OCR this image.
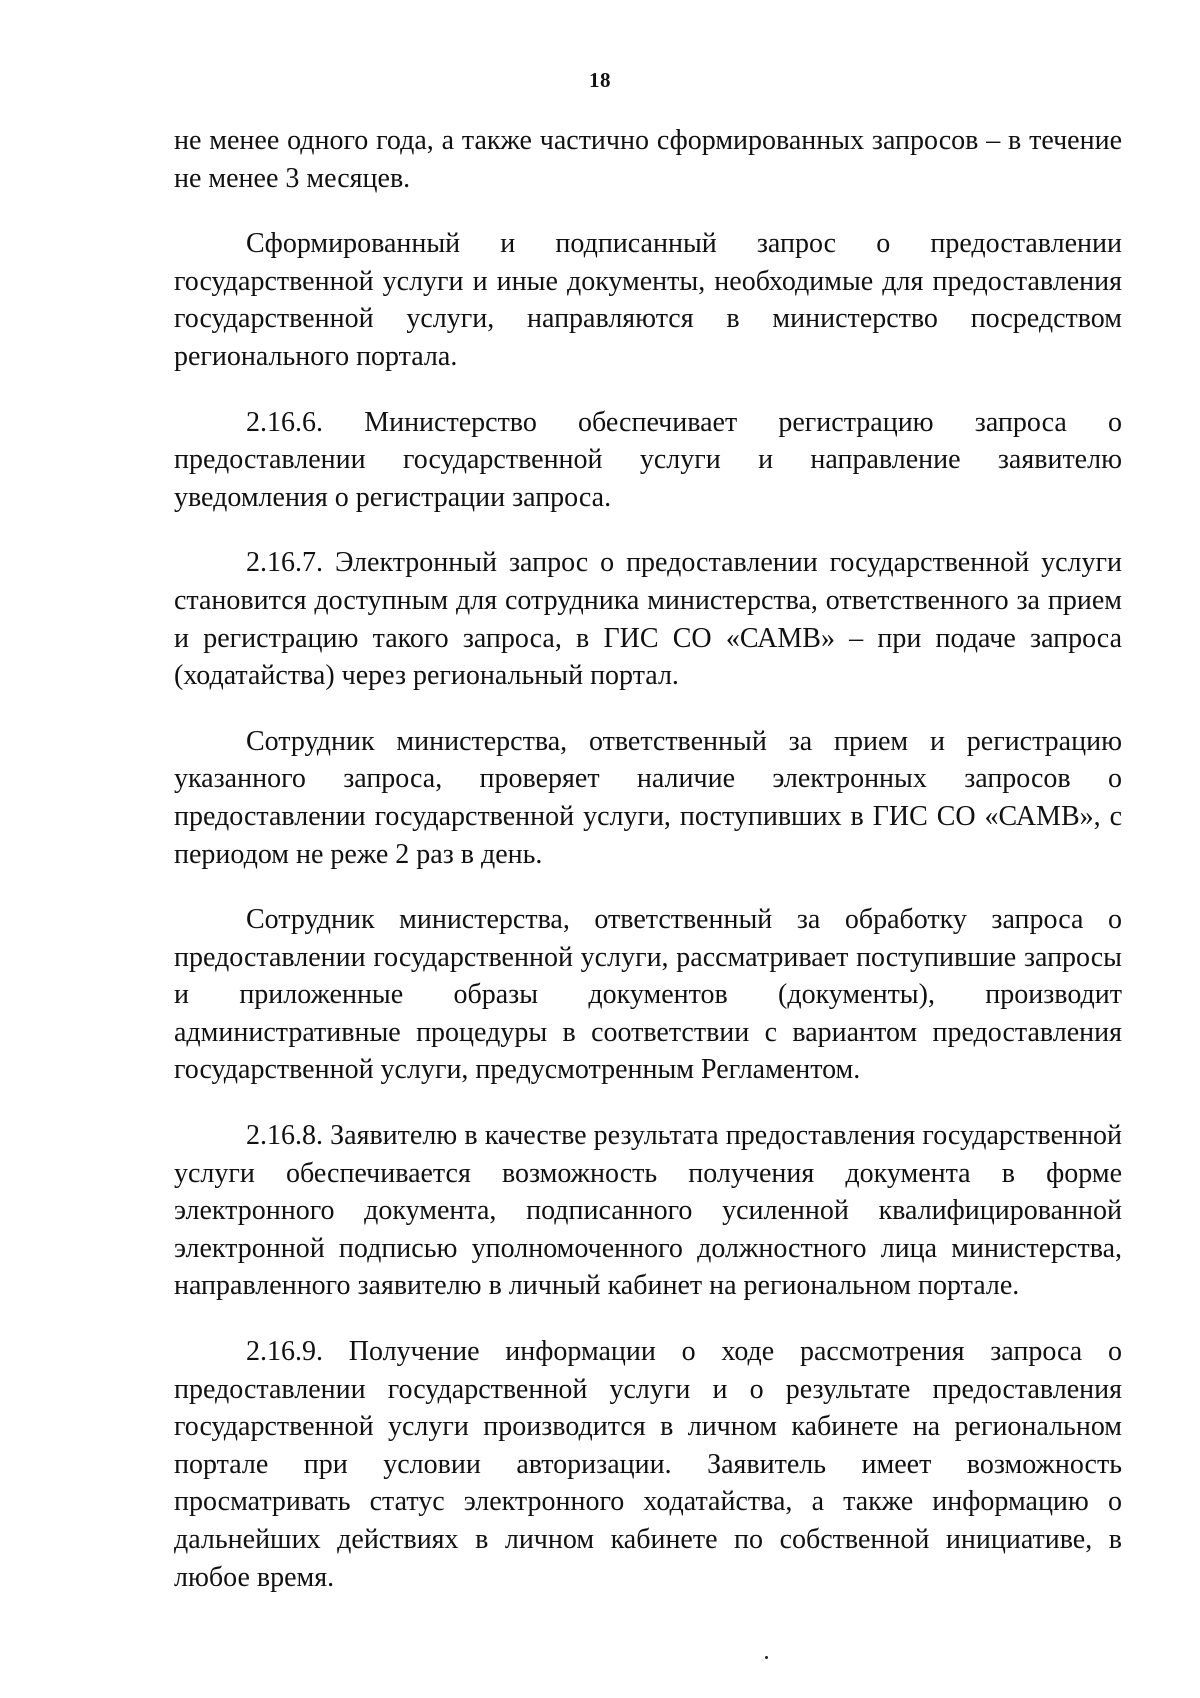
18

не менее одного года, а также частично сформированных запросов – в течение не менее 3 месяцев.

Сформированный и подписанный запрос о предоставлении государственной услуги и иные документы, необходимые для предоставления государственной услуги, направляются в министерство посредством регионального портала.

2.16.6. Министерство обеспечивает регистрацию запроса о предоставлении государственной услуги и направление заявителю уведомления о регистрации запроса.

2.16.7. Электронный запрос о предоставлении государственной услуги становится доступным для сотрудника министерства, ответственного за прием и регистрацию такого запроса, в ГИС СО «САМВ» – при подаче запроса (ходатайства) через региональный портал.

Сотрудник министерства, ответственный за прием и регистрацию указанного запроса, проверяет наличие электронных запросов о предоставлении государственной услуги, поступивших в ГИС СО «САМВ», с периодом не реже 2 раз в день.

Сотрудник министерства, ответственный за обработку запроса о предоставлении государственной услуги, рассматривает поступившие запросы и приложенные образы документов (документы), производит административные процедуры в соответствии с вариантом предоставления государственной услуги, предусмотренным Регламентом.

2.16.8. Заявителю в качестве результата предоставления государственной услуги обеспечивается возможность получения документа в форме электронного документа, подписанного усиленной квалифицированной электронной подписью уполномоченного должностного лица министерства, направленного заявителю в личный кабинет на региональном портале.

2.16.9. Получение информации о ходе рассмотрения запроса о предоставлении государственной услуги и о результате предоставления государственной услуги производится в личном кабинете на региональном портале при условии авторизации. Заявитель имеет возможность просматривать статус электронного ходатайства, а также информацию о дальнейших действиях в личном кабинете по собственной инициативе, в любое время.
